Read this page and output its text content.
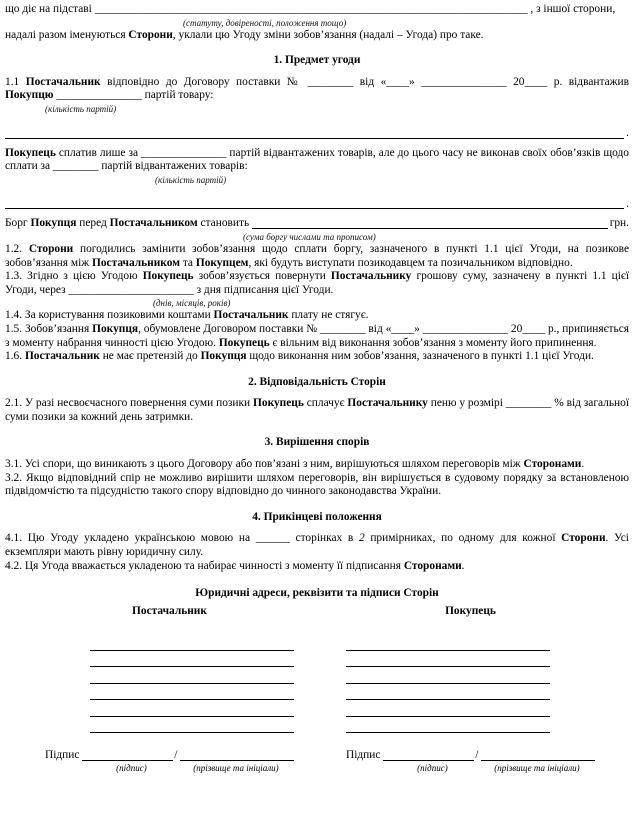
що діє на підставі ____________________________________________________________________________ , з іншої сторони,

(статуту, довіреності, положення тощо)

надалі разом іменуються Сторони, уклали цю Угоду зміни зобов’язання (надалі – Угода) про таке.

1. Предмет угоди

1.1 Постачальник відповідно до Договору поставки № ________ від «____» _______________ 20____ р. відвантажив Покупцю _______________ партій товару:

(кількість партій)
.

Покупець сплатив лише за _______________ партій відвантажених товарів, але до цього часу не виконав своїх обов’язків щодо сплати за ________ партій відвантажених товарів:

(кількість партій)
.
Борг Покупця перед Постачальником становить	грн.
(сума боргу числами та прописом)

1.2. Сторони погодились замінити зобов’язання щодо сплати боргу, зазначеного в пункті 1.1 цієї Угоди, на позикове зобов’язання між Постачальником та Покупцем, які будуть виступати позикодавцем та позичальником відповідно.

1.3. Згідно з цією Угодою Покупець зобов’язується повернути Постачальнику грошову суму, зазначену в пункті 1.1 цієї Угоди, через ______________________ з дня підписання цієї Угоди.

(днів, місяців, років)

1.4. За користування позиковими коштами Постачальник плату не стягує.

1.5. Зобов’язання Покупця, обумовлене Договором поставки № ________ від «____» _______________ 20____ р., припиняється з моменту набрання чинності цією Угодою. Покупець є вільним від виконання зобов’язання з моменту його припинення.

1.6. Постачальник не має претензій до Покупця щодо виконання ним зобов’язання, зазначеного в пункті 1.1 цієї Угоди.

2. Відповідальність Сторін

2.1. У разі несвоєчасного повернення суми позики Покупець сплачує Постачальнику пеню у розмірі ________ % від загальної суми позики за кожний день затримки.

3. Вирішення спорів

3.1. Усі спори, що виникають з цього Договору або пов’язані з ним, вирішуються шляхом переговорів між Сторонами.

3.2. Якщо відповідний спір не можливо вирішити шляхом переговорів, він вирішується в судовому порядку за встановленою підвідомчістю та підсудністю такого спору відповідно до чинного законодавства України.

4. Прикінцеві положення

4.1. Цю Угоду укладено українською мовою на ______ сторінках в 2 примірниках, по одному для кожної Сторони. Усі екземпляри мають рівну юридичну силу.

4.2. Ця Угода вважається укладеною та набирає чинності з моменту її підписання Сторонами.

Юридичні адреси, реквізити та підписи Сторін
Постачальник
Підпис	/
(підпис)	(прізвище та ініціали)
Покупець
Підпис	/
(підпис)	(прізвище та ініціали)
